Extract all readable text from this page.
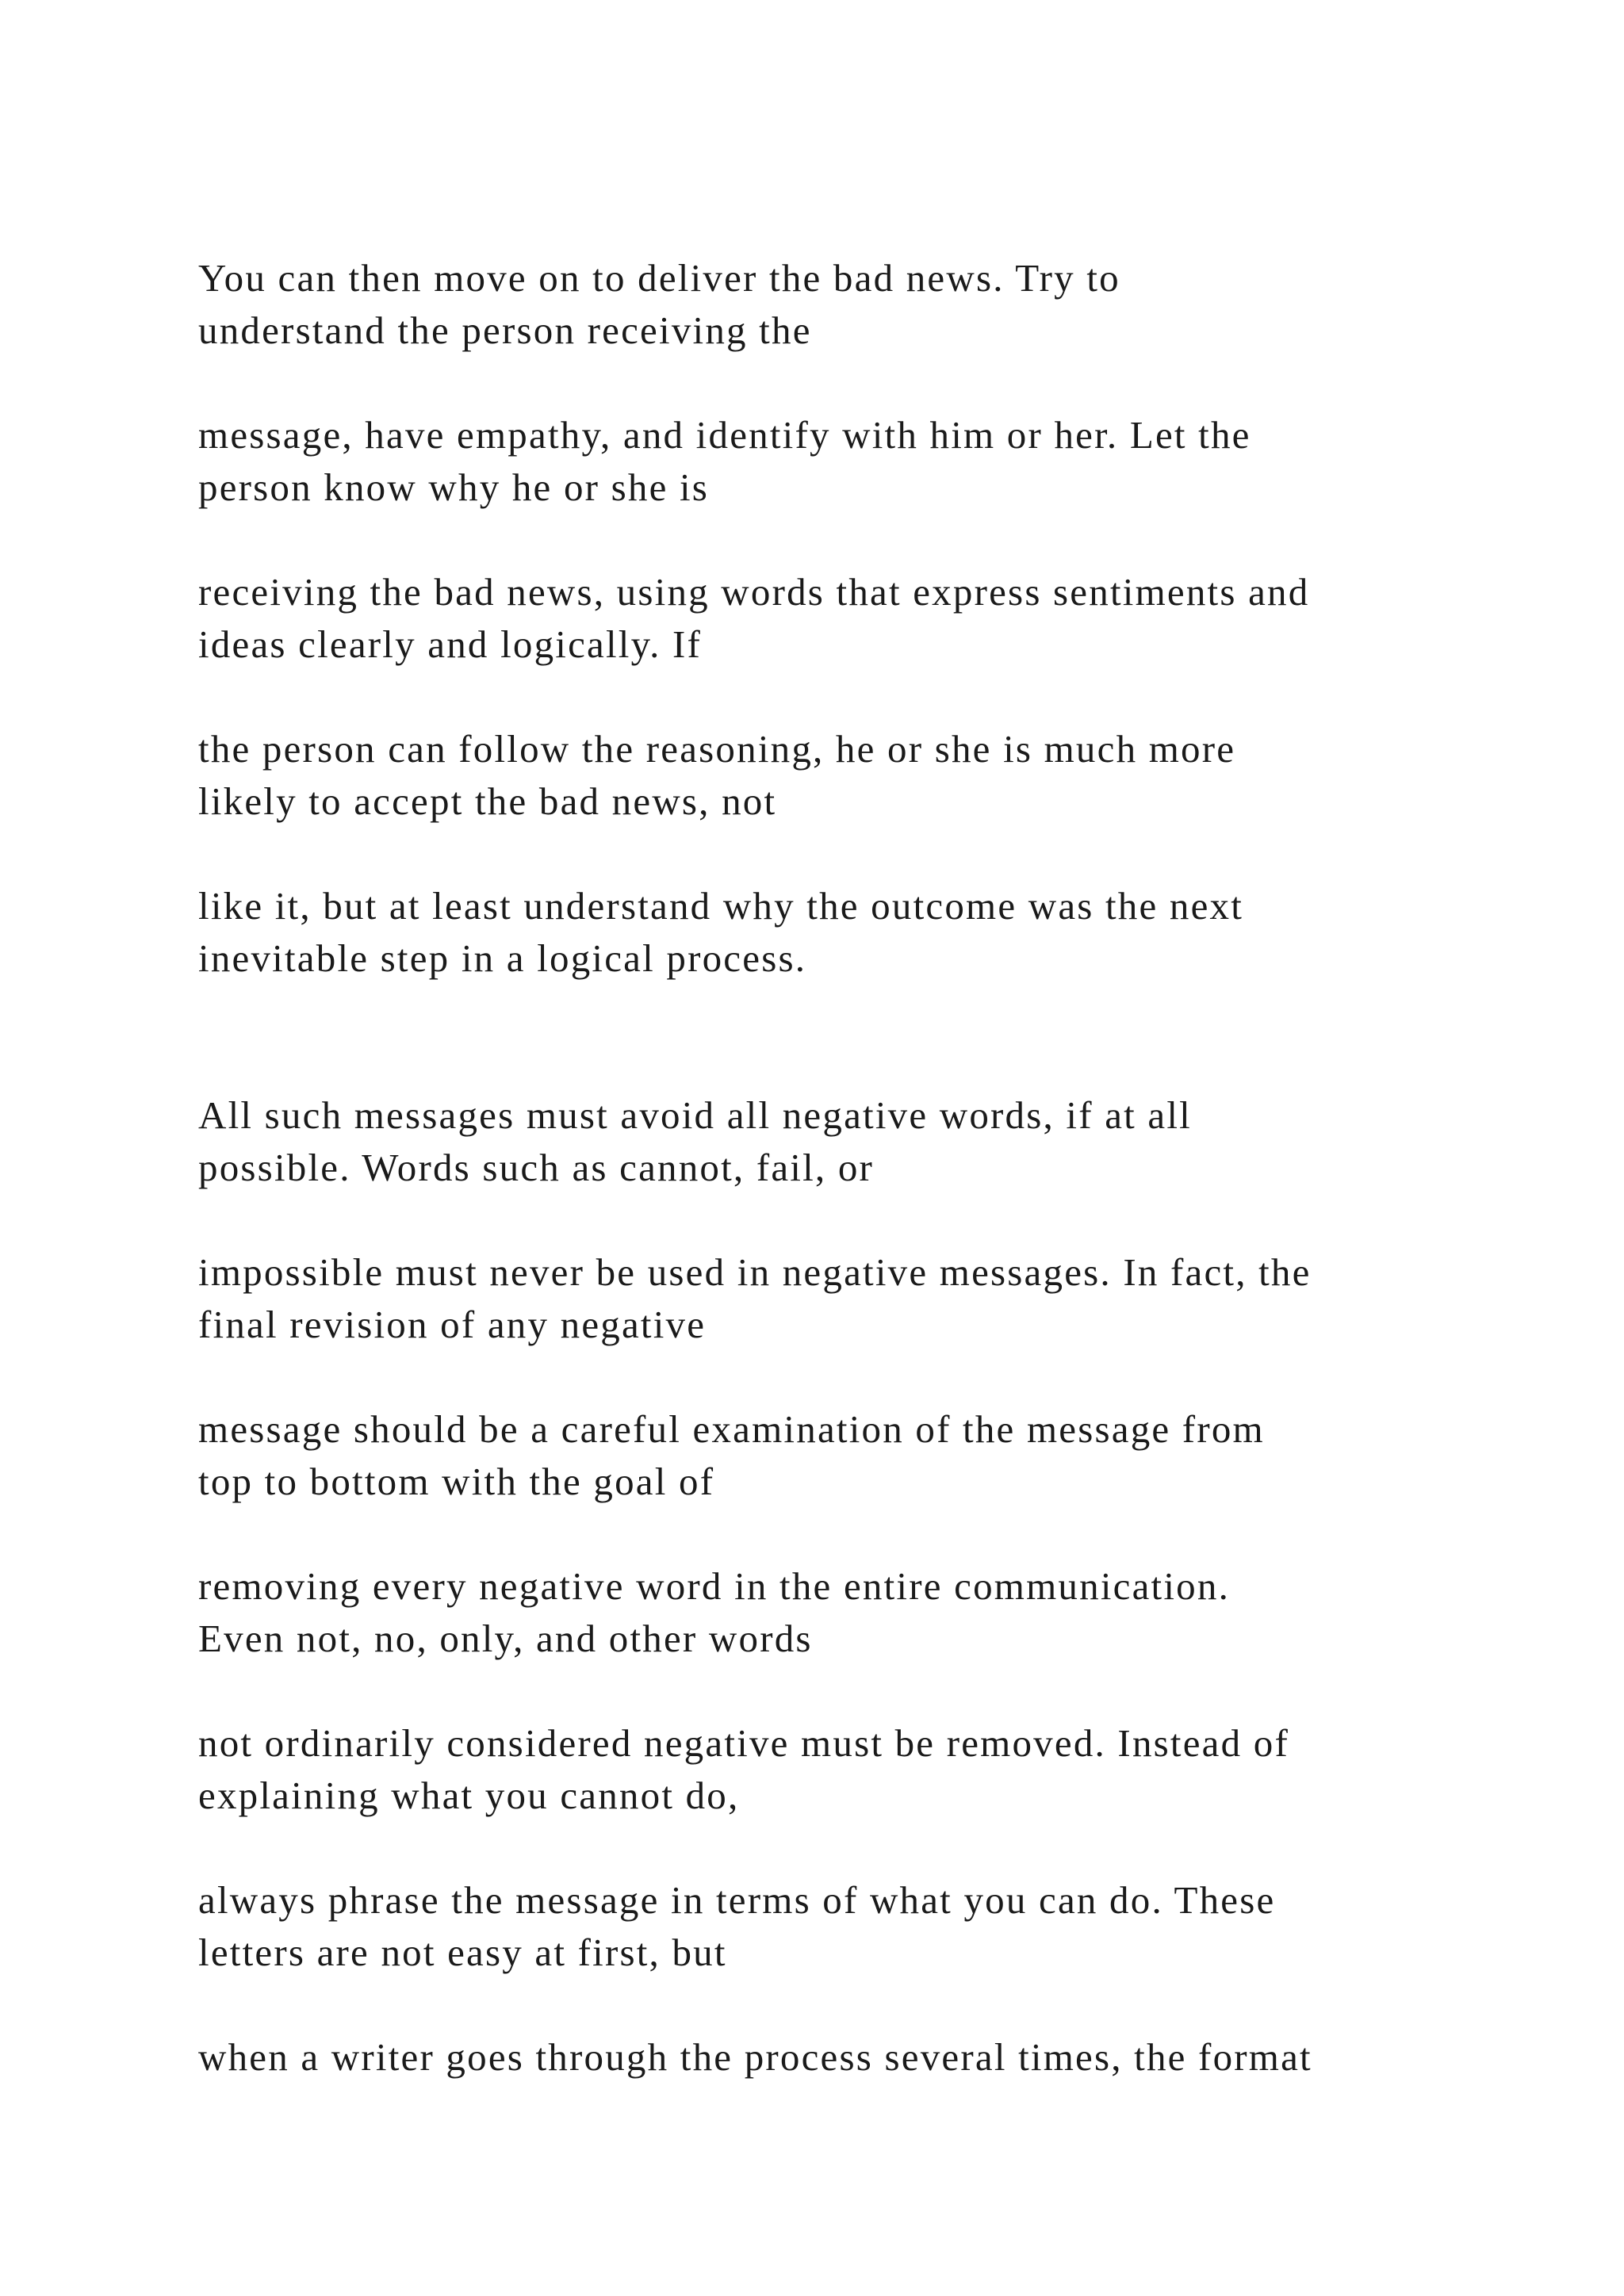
You can then move on to deliver the bad news. Try to
understand the person receiving the

message, have empathy, and identify with him or her. Let the
person know why he or she is

receiving the bad news, using words that express sentiments and
ideas clearly and logically. If

the person can follow the reasoning, he or she is much more
likely to accept the bad news, not

like it, but at least understand why the outcome was the next
inevitable step in a logical process.

All such messages must avoid all negative words, if at all
possible. Words such as cannot, fail, or

impossible must never be used in negative messages. In fact, the
final revision of any negative

message should be a careful examination of the message from
top to bottom with the goal of

removing every negative word in the entire communication.
Even not, no, only, and other words

not ordinarily considered negative must be removed. Instead of
explaining what you cannot do,

always phrase the message in terms of what you can do. These
letters are not easy at first, but

when a writer goes through the process several times, the format
